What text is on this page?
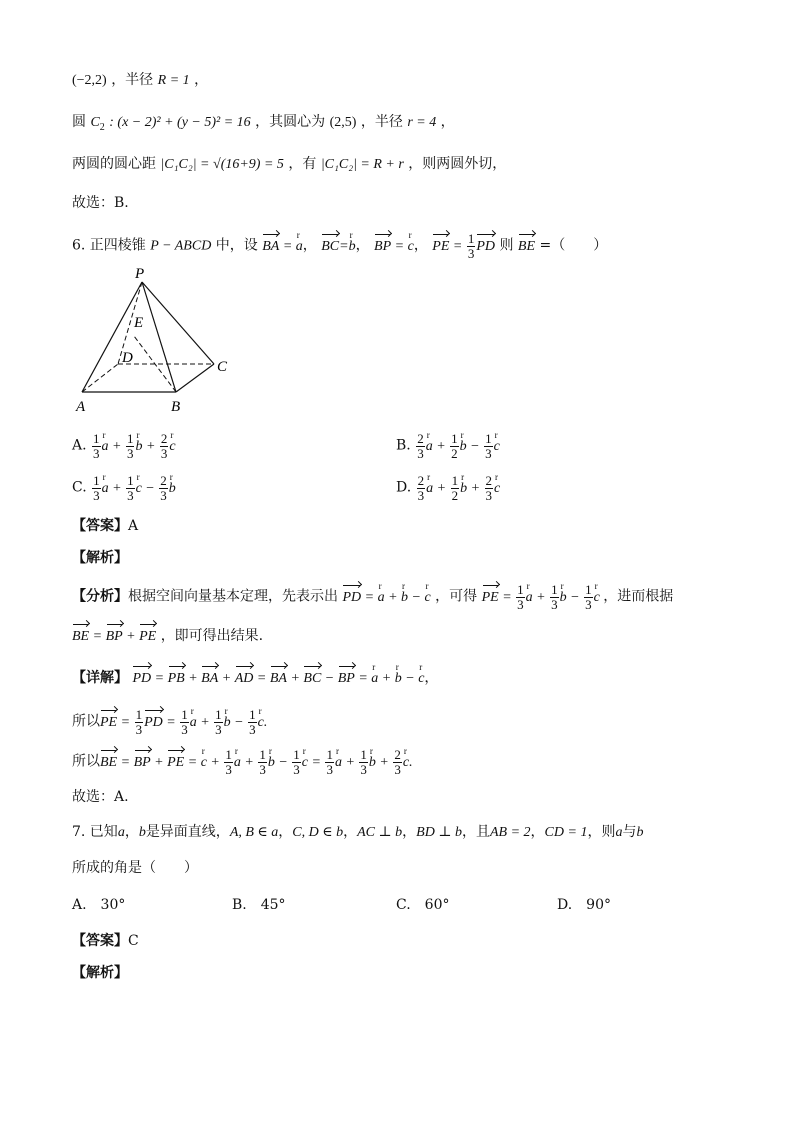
(−2,2) ，半径 R = 1 ，
圆 $C_2$ : (x − 2)² + (y − 5)² = 16 ，其圆心为 (2,5) ，半径 r = 4 ，
两圆的圆心距 |C₁C₂| = √(16+9) = 5 ，有 |C₁C₂| = R + r ，则两圆外切，
故选：B.
6. 正四棱锥 P − ABCD 中，设 BA = r a， BC=r b， BP = r c， PE = $\frac{1}{3}$ PD 则 BE =（　　）
P
E
D
C
A	B
A. $\frac{1}{3}$ r $a + \frac{1}{3}$ r $b + \frac{2}{3}$ r c	B. $\frac{2}{3}$ r $a + \frac{1}{2}$ r $b - \frac{1}{3}$ r c
C. $\frac{1}{3}$ r $a + \frac{1}{3}$ r $c - \frac{2}{3}$ r b	D. $\frac{2}{3}$ r $a + \frac{1}{2}$ r $b + \frac{2}{3}$ r c
【答案】A
【解析】
【分析】根据空间向量基本定理，先表示出 PD = r a + r b − r c ，可得 PE = $\frac{1}{3}$ r $a + \frac{1}{3}$ r $b - \frac{1}{3}$ r c ，进而根据
BE = BP + PE ，即可得出结果.
【详解】 PD = PB + BA + AD = BA + BC − BP = r a + r b − r c，
所以PE = $\frac{1}{3}$ PD = $\frac{1}{3}$ r $a + \frac{1}{3}$ r $b - \frac{1}{3}$ r c.
所以BE = BP + PE = r $c + \frac{1}{3}$ r $a + \frac{1}{3}$ r $b - \frac{1}{3}$ r $c = \frac{1}{3}$ r $a + \frac{1}{3}$ r $b + \frac{2}{3}$ r c.
故选：A.
7. 已知a，b是异面直线，A, B ∈ a，C, D ∈ b，AC ⊥ b，BD ⊥ b，且AB = 2，CD = 1，则a与b
所成的角是（　　）
A.　30°	B.　45°	C.　60°	D.　90°
【答案】C
【解析】
